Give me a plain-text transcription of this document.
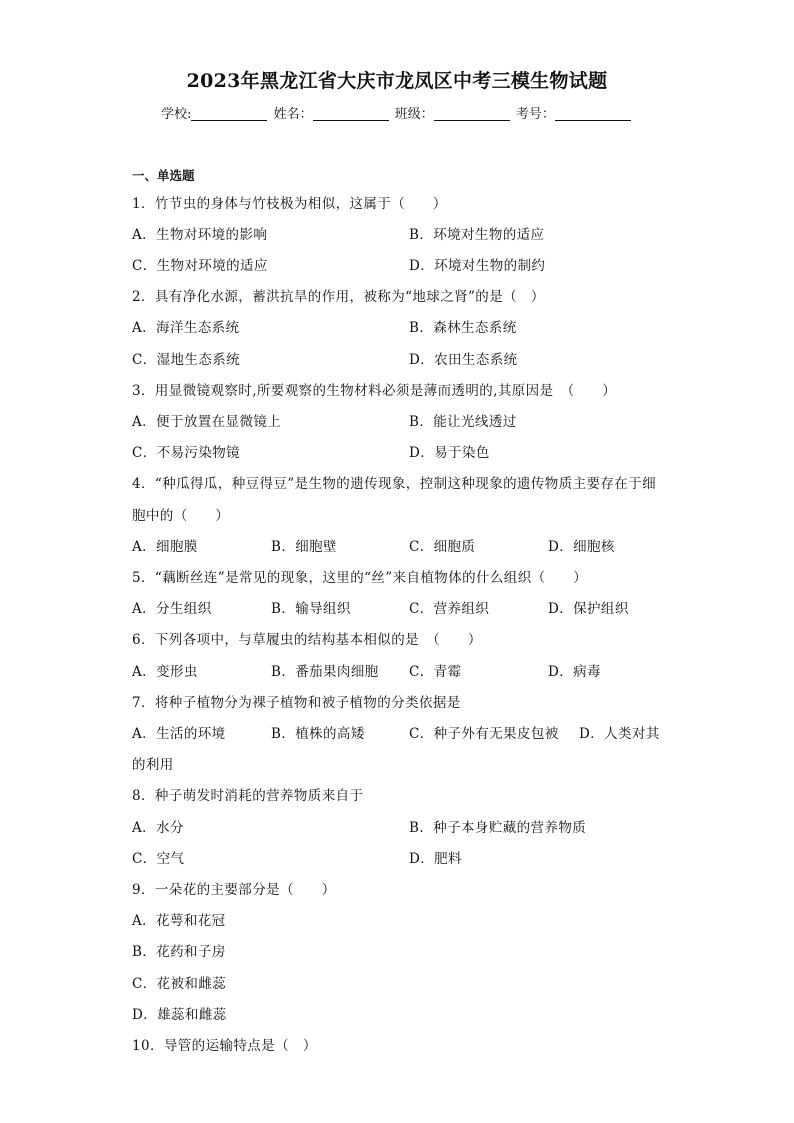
2023年黑龙江省大庆市龙凤区中考三模生物试题
学校:	姓名：	班级：	考号：
一、单选题
1．竹节虫的身体与竹枝极为相似，这属于（　　）
A．生物对环境的影响	B．环境对生物的适应
C．生物对环境的适应	D．环境对生物的制约
2．具有净化水源，蓄洪抗旱的作用，被称为“地球之肾”的是（　）
A．海洋生态系统	B．森林生态系统
C．湿地生态系统	D．农田生态系统
3．用显微镜观察时,所要观察的生物材料必须是薄而透明的,其原因是　（　　）
A．便于放置在显微镜上	B．能让光线透过
C．不易污染物镜	D．易于染色
4．“种瓜得瓜，种豆得豆”是生物的遗传现象，控制这种现象的遗传物质主要存在于细
胞中的（　　）
A．细胞膜	B．细胞壁	C．细胞质	D．细胞核
5．“藕断丝连”是常见的现象，这里的“丝”来自植物体的什么组织（　　）
A．分生组织	B．输导组织	C．营养组织	D．保护组织
6．下列各项中，与草履虫的结构基本相似的是　（　　）
A．变形虫	B．番茄果肉细胞 C．青霉	D．病毒
7．将种子植物分为裸子植物和被子植物的分类依据是
A．生活的环境	B．植株的高矮	C．种子外有无果皮包被 D．人类对其
的利用
8．种子萌发时消耗的营养物质来自于
A．水分	B．种子本身贮藏的营养物质
C．空气	D．肥料
9．一朵花的主要部分是（　　）
A．花萼和花冠
B．花药和子房
C．花被和雌蕊
D．雄蕊和雌蕊
10．导管的运输特点是（　）
